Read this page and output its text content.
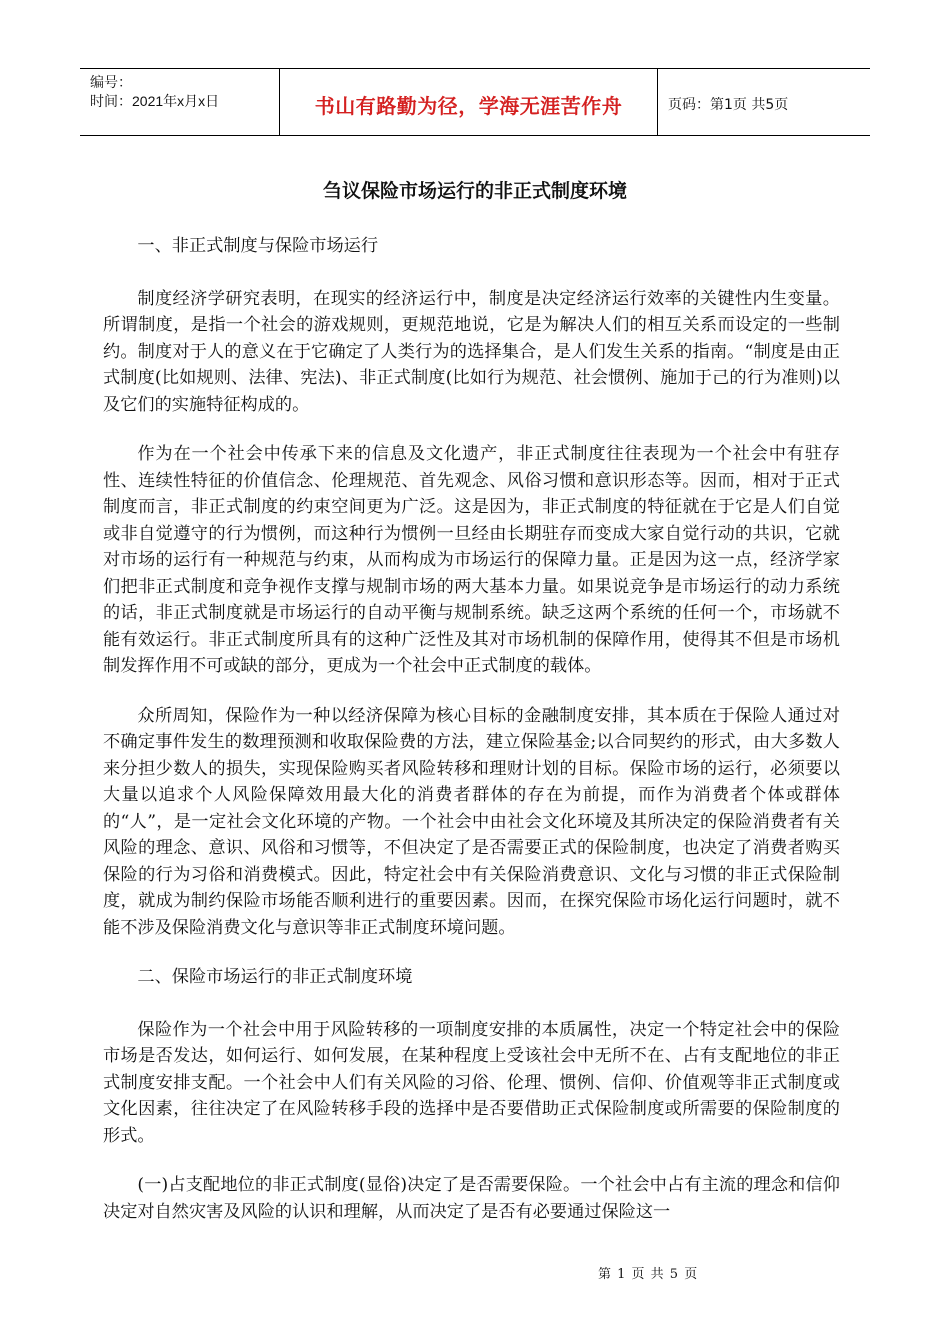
编号：
时间：2021年x月x日	书山有路勤为径，学海无涯苦作舟	页码：第1页 共5页
刍议保险市场运行的非正式制度环境

一、非正式制度与保险市场运行

制度经济学研究表明，在现实的经济运行中，制度是决定经济运行效率的关键性内生变量。所谓制度，是指一个社会的游戏规则，更规范地说，它是为解决人们的相互关系而设定的一些制约。制度对于人的意义在于它确定了人类行为的选择集合，是人们发生关系的指南。“制度是由正式制度(比如规则、法律、宪法)、非正式制度(比如行为规范、社会惯例、施加于己的行为准则)以及它们的实施特征构成的。

作为在一个社会中传承下来的信息及文化遗产，非正式制度往往表现为一个社会中有驻存性、连续性特征的价值信念、伦理规范、首先观念、风俗习惯和意识形态等。因而，相对于正式制度而言，非正式制度的约束空间更为广泛。这是因为，非正式制度的特征就在于它是人们自觉或非自觉遵守的行为惯例，而这种行为惯例一旦经由长期驻存而变成大家自觉行动的共识，它就对市场的运行有一种规范与约束，从而构成为市场运行的保障力量。正是因为这一点，经济学家们把非正式制度和竞争视作支撑与规制市场的两大基本力量。如果说竞争是市场运行的动力系统的话，非正式制度就是市场运行的自动平衡与规制系统。缺乏这两个系统的任何一个，市场就不能有效运行。非正式制度所具有的这种广泛性及其对市场机制的保障作用，使得其不但是市场机制发挥作用不可或缺的部分，更成为一个社会中正式制度的载体。

众所周知，保险作为一种以经济保障为核心目标的金融制度安排，其本质在于保险人通过对不确定事件发生的数理预测和收取保险费的方法，建立保险基金;以合同契约的形式，由大多数人来分担少数人的损失，实现保险购买者风险转移和理财计划的目标。保险市场的运行，必须要以大量以追求个人风险保障效用最大化的消费者群体的存在为前提，而作为消费者个体或群体的“人”，是一定社会文化环境的产物。一个社会中由社会文化环境及其所决定的保险消费者有关风险的理念、意识、风俗和习惯等，不但决定了是否需要正式的保险制度，也决定了消费者购买保险的行为习俗和消费模式。因此，特定社会中有关保险消费意识、文化与习惯的非正式保险制度，就成为制约保险市场能否顺利进行的重要因素。因而，在探究保险市场化运行问题时，就不能不涉及保险消费文化与意识等非正式制度环境问题。

二、保险市场运行的非正式制度环境

保险作为一个社会中用于风险转移的一项制度安排的本质属性，决定一个特定社会中的保险市场是否发达，如何运行、如何发展，在某种程度上受该社会中无所不在、占有支配地位的非正式制度安排支配。一个社会中人们有关风险的习俗、伦理、惯例、信仰、价值观等非正式制度或文化因素，往往决定了在风险转移手段的选择中是否要借助正式保险制度或所需要的保险制度的形式。

(一)占支配地位的非正式制度(显俗)决定了是否需要保险。一个社会中占有主流的理念和信仰决定对自然灾害及风险的认识和理解，从而决定了是否有必要通过保险这一

第 1 页 共 5 页
